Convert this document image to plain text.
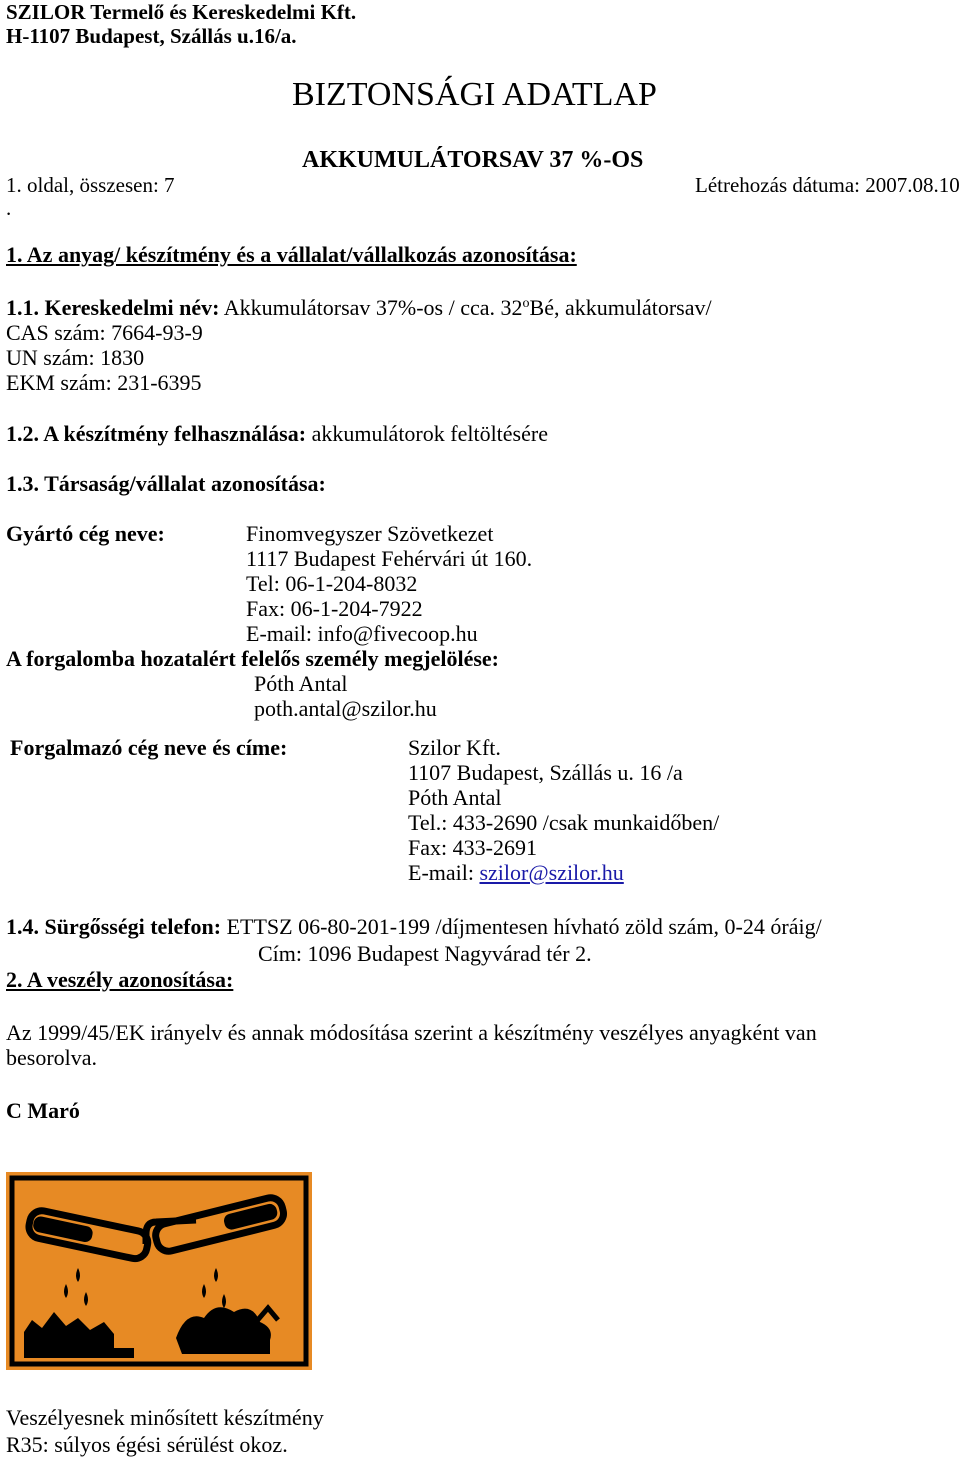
SZILOR Termelő és Kereskedelmi Kft.
H-1107 Budapest, Szállás u.16/a.
BIZTONSÁGI ADATLAP
AKKUMULÁTORSAV 37 %-OS
1. oldal, összesen: 7	Létrehozás dátuma: 2007.08.10
.
1. Az anyag/ készítmény és a vállalat/vállalkozás azonosítása:
1.1. Kereskedelmi név: Akkumulátorsav 37%-os / cca. 32$^o$Bé, akkumulátorsav/
CAS szám: 7664-93-9
UN szám: 1830
EKM szám: 231-6395
1.2. A készítmény felhasználása: akkumulátorok feltöltésére
1.3. Társaság/vállalat azonosítása:
Gyártó cég neve:	Finomvegyszer Szövetkezet
1117 Budapest Fehérvári út 160.
Tel: 06-1-204-8032
Fax: 06-1-204-7922
E-mail: info@fivecoop.hu
A forgalomba hozatalért felelős személy megjelölése:
Póth Antal
poth.antal@szilor.hu
Forgalmazó cég neve és címe:	Szilor Kft.
1107 Budapest, Szállás u. 16 /a
Póth Antal
Tel.: 433-2690 /csak munkaidőben/
Fax: 433-2691
E-mail: szilor@szilor.hu
1.4. Sürgősségi telefon: ETTSZ 06-80-201-199 /díjmentesen hívható zöld szám, 0-24 óráig/
Cím: 1096 Budapest Nagyvárad tér 2.
2. A veszély azonosítása:
Az 1999/45/EK irányelv és annak módosítása szerint a készítmény veszélyes anyagként van
besorolva.
C Maró
Veszélyesnek minősített készítmény
R35: súlyos égési sérülést okoz.
